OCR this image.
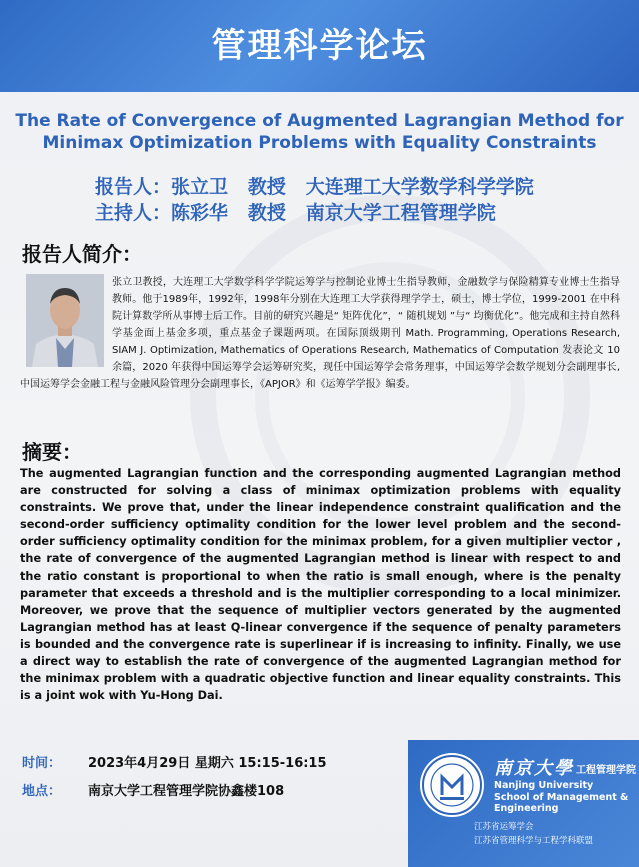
管理科学论坛
The Rate of Convergence of Augmented Lagrangian Method for
Minimax Optimization Problems with Equality Constraints
报告人：张立卫   教授   大连理工大学数学科学学院
主持人：陈彩华   教授   南京大学工程管理学院
报告人简介：
张立卫教授，大连理工大学数学科学学院运筹学与控制论业博士生指导教师，金融数学与保险精算专业博士生指导教师。他于1989年，1992年，1998年分别在大连理工大学获得理学学士，硕士，博士学位，1999-2001 在中科院计算数学所从事博士后工作。目前的研究兴趣是“ 矩阵优化”，“ 随机规划 ”与“ 均衡优化”。他完成和主持自然科学基金面上基金多项，重点基金子课题两项。在国际顶级期刊 Math. Programming, Operations Research, SIAM J. Optimization, Mathematics of Operations Research, Mathematics of Computation 发表论文 10 余篇，2020 年获得中国运筹学会运筹研究奖，现任中国运筹学会常务理事，中国运筹学会数学规划分会副理事长,中国运筹学会金融工程与金融风险管理分会副理事长，《APJOR》和《运筹学学报》编委。
摘要：
The augmented Lagrangian function and the corresponding augmented Lagrangian method are constructed for solving a class of minimax optimization problems with equality constraints. We prove that, under the linear independence constraint qualification and the second-order sufficiency optimality condition for the lower level problem and the second-order sufficiency optimality condition for the minimax problem, for a given multiplier vector , the rate of convergence of the augmented Lagrangian method is linear with respect to and the ratio constant is proportional to when the ratio is small enough, where is the penalty parameter that exceeds a threshold and is the multiplier corresponding to a local minimizer. Moreover, we prove that the sequence of multiplier vectors generated by the augmented Lagrangian method has at least Q-linear convergence if the sequence of penalty parameters is bounded and the convergence rate is superlinear if is increasing to infinity. Finally, we use a direct way to establish the rate of convergence of the augmented Lagrangian method for the minimax problem with a quadratic objective function and linear equality constraints. This is a joint wok with Yu-Hong Dai.
时间： 2023年4月29日 星期六 15:15-16:15
地点： 南京大学工程管理学院协鑫楼108
南京大學 工程管理学院
Nanjing University
School of Management & Engineering
江苏省运筹学会
江苏省管理科学与工程学科联盟
